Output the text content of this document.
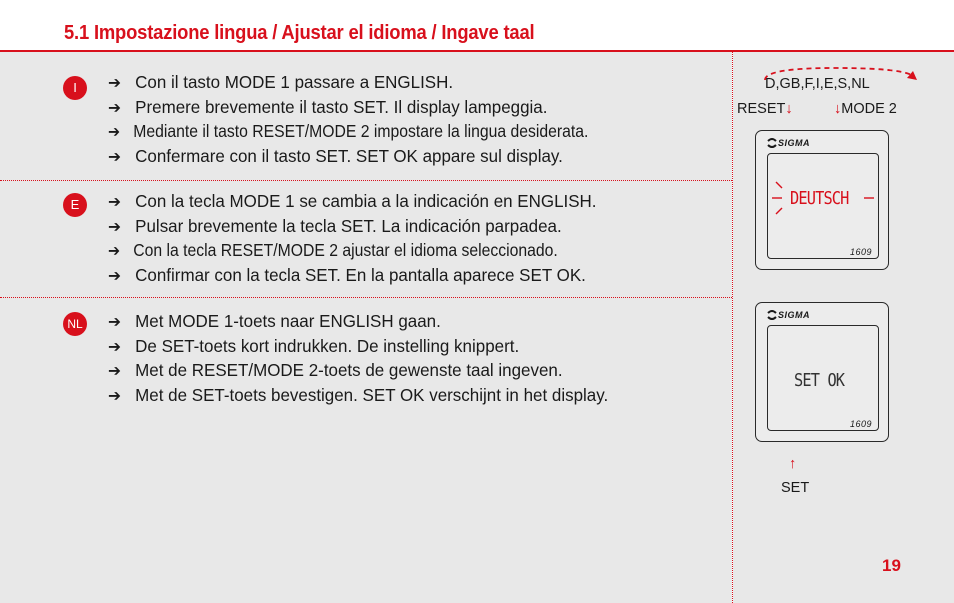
5.1 Impostazione lingua / Ajustar el idioma / Ingave taal
I	➔ Con il tasto MODE 1 passare a ENGLISH.
➔ Premere brevemente il tasto SET. Il display lampeggia.
➔ Mediante il tasto RESET/MODE 2 impostare la lingua desiderata.
➔ Confermare con il tasto SET. SET OK appare sul display.
E	➔ Con la tecla MODE 1 se cambia a la indicación en ENGLISH.
➔ Pulsar brevemente la tecla SET. La indicación parpadea.
➔ Con la tecla RESET/MODE 2 ajustar el idioma seleccionado.
➔ Confirmar con la tecla SET. En la pantalla aparece SET OK.
NL ➔ Met MODE 1-toets naar ENGLISH gaan.
➔ De SET-toets kort indrukken. De instelling knippert.
➔ Met de RESET/MODE 2-toets de gewenste taal ingeven.
➔ Met de SET-toets bevestigen. SET OK verschijnt in het display.
D,GB,F,I,E,S,NL
RESET↓	↓MODE 2
SIGMA
DEUTSCH
1609
SIGMA
SET OK
1609
↑
SET
19
